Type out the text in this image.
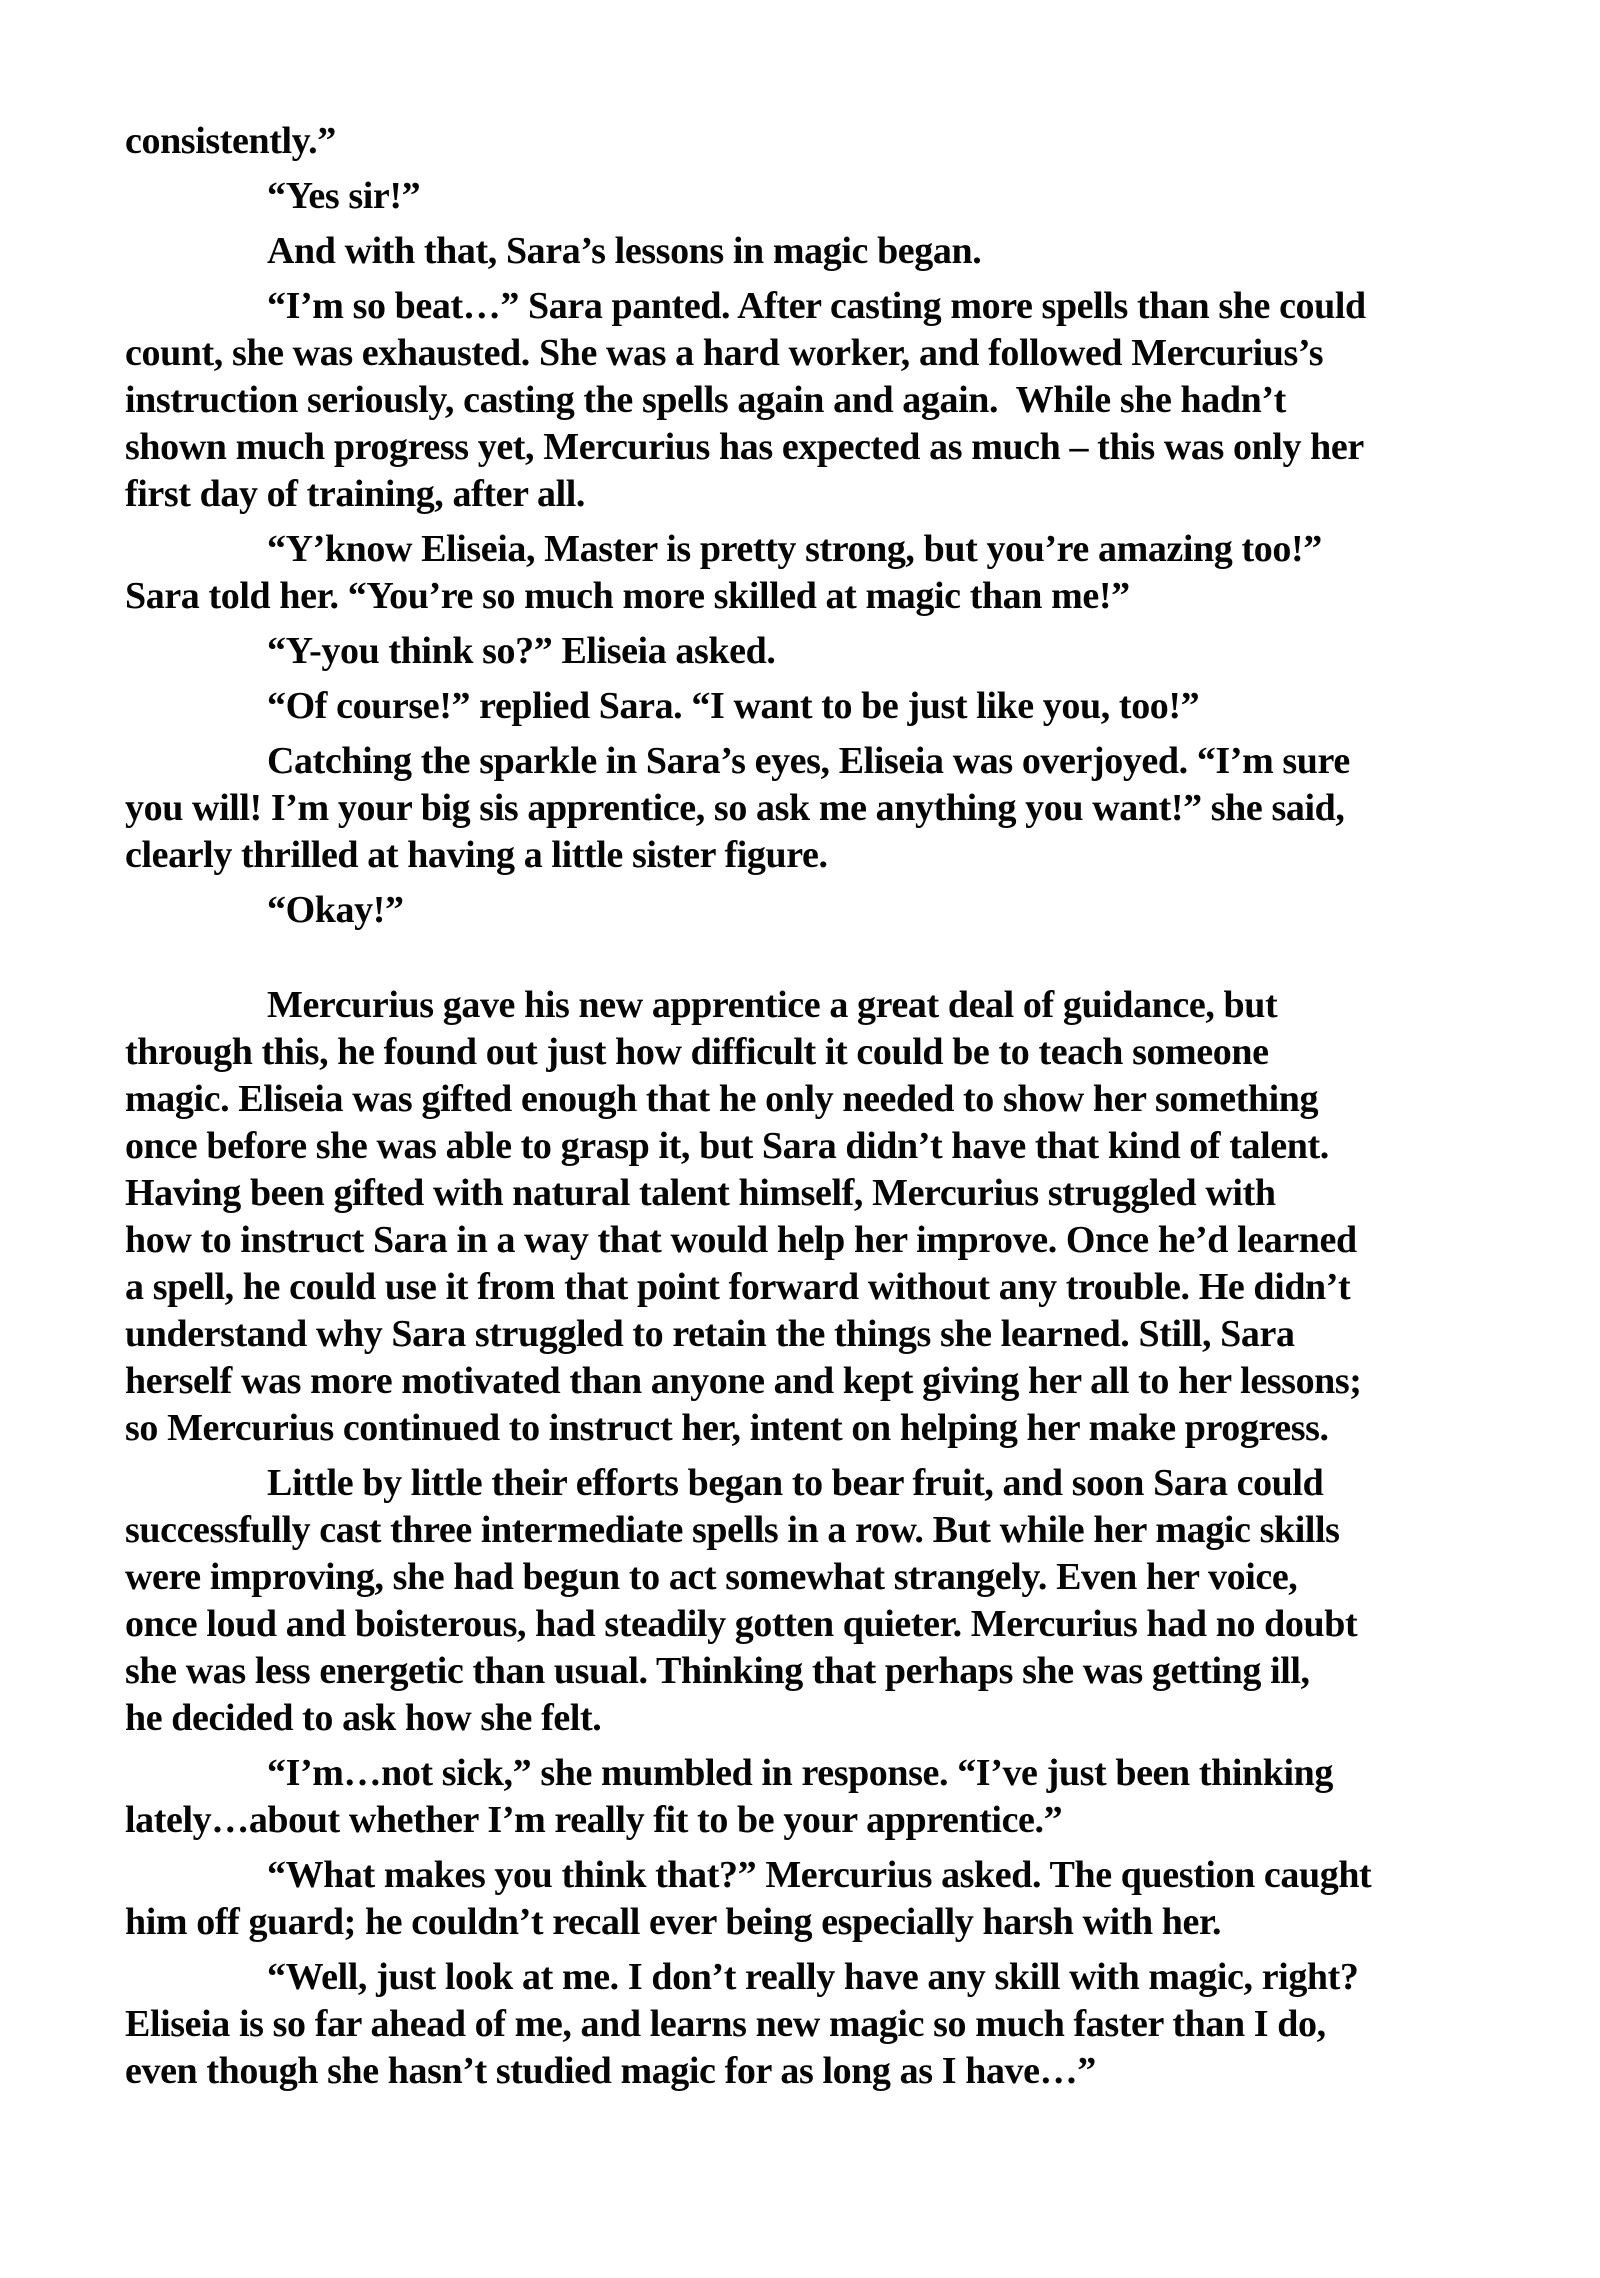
consistently.”
“Yes sir!”
And with that, Sara’s lessons in magic began.
“I’m so beat…” Sara panted. After casting more spells than she could
count, she was exhausted. She was a hard worker, and followed Mercurius’s
instruction seriously, casting the spells again and again.  While she hadn’t
shown much progress yet, Mercurius has expected as much – this was only her
first day of training, after all.
“Y’know Eliseia, Master is pretty strong, but you’re amazing too!”
Sara told her. “You’re so much more skilled at magic than me!”
“Y-you think so?” Eliseia asked.
“Of course!” replied Sara. “I want to be just like you, too!”
Catching the sparkle in Sara’s eyes, Eliseia was overjoyed. “I’m sure
you will! I’m your big sis apprentice, so ask me anything you want!” she said,
clearly thrilled at having a little sister figure.
“Okay!”
Mercurius gave his new apprentice a great deal of guidance, but
through this, he found out just how difficult it could be to teach someone
magic. Eliseia was gifted enough that he only needed to show her something
once before she was able to grasp it, but Sara didn’t have that kind of talent.
Having been gifted with natural talent himself, Mercurius struggled with
how to instruct Sara in a way that would help her improve. Once he’d learned
a spell, he could use it from that point forward without any trouble. He didn’t
understand why Sara struggled to retain the things she learned. Still, Sara
herself was more motivated than anyone and kept giving her all to her lessons;
so Mercurius continued to instruct her, intent on helping her make progress.
Little by little their efforts began to bear fruit, and soon Sara could
successfully cast three intermediate spells in a row. But while her magic skills
were improving, she had begun to act somewhat strangely. Even her voice,
once loud and boisterous, had steadily gotten quieter. Mercurius had no doubt
she was less energetic than usual. Thinking that perhaps she was getting ill,
he decided to ask how she felt.
“I’m…not sick,” she mumbled in response. “I’ve just been thinking
lately…about whether I’m really fit to be your apprentice.”
“What makes you think that?” Mercurius asked. The question caught
him off guard; he couldn’t recall ever being especially harsh with her.
“Well, just look at me. I don’t really have any skill with magic, right?
Eliseia is so far ahead of me, and learns new magic so much faster than I do,
even though she hasn’t studied magic for as long as I have…”
